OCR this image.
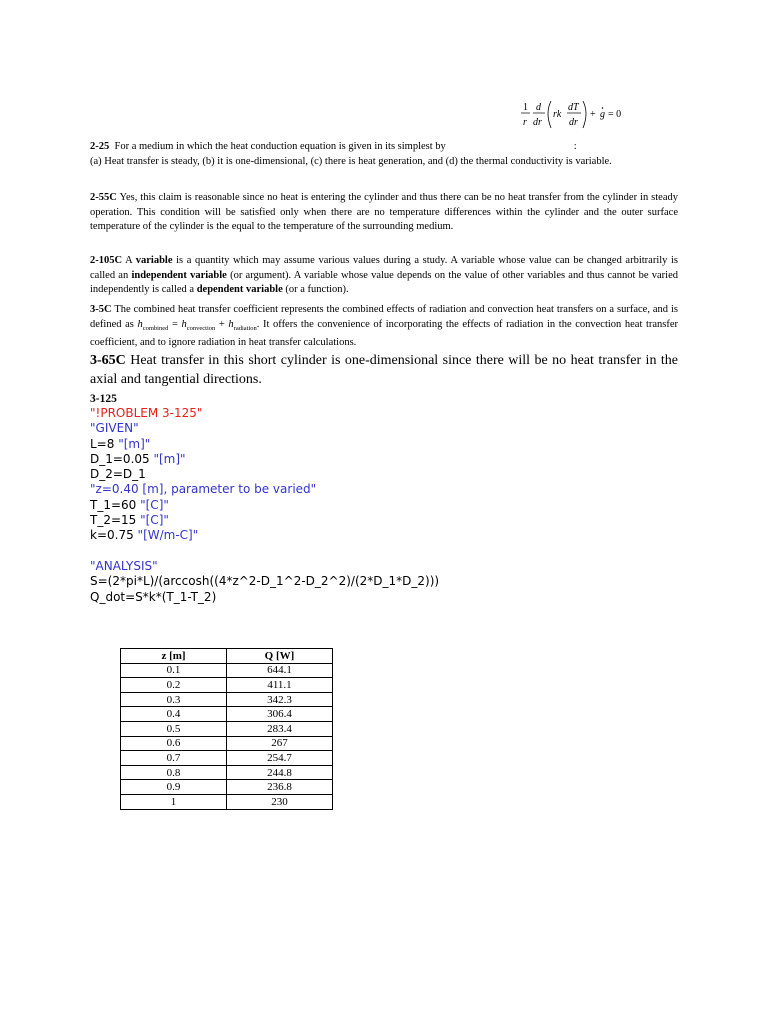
1
r
d
dr
rk
dT
dr
+ g = 0

2-25 For a medium in which the heat conduction equation is given in its simplest by	:
(a) Heat transfer is steady, (b) it is one-dimensional, (c) there is heat generation, and (d) the thermal conductivity is variable.

2-55C Yes, this claim is reasonable since no heat is entering the cylinder and thus there can be no heat transfer from the cylinder in steady operation. This condition will be satisfied only when there are no temperature differences within the cylinder and the outer surface temperature of the cylinder is the equal to the temperature of the surrounding medium.

2-105C A variable is a quantity which may assume various values during a study. A variable whose value can be changed arbitrarily is called an independent variable (or argument). A variable whose value depends on the value of other variables and thus cannot be varied independently is called a dependent variable (or a function).

3-5C The combined heat transfer coefficient represents the combined effects of radiation and convection heat transfers on a surface, and is defined as $h_{combined} = h_{convection} + h_{radiation}$. It offers the convenience of incorporating the effects of radiation in the convection heat transfer coefficient, and to ignore radiation in heat transfer calculations.

3-65C Heat transfer in this short cylinder is one-dimensional since there will be no heat transfer in the axial and tangential directions.

3-125

"!PROBLEM 3-125"
"GIVEN"
L=8 "[m]"
D_1=0.05 "[m]"
D_2=D_1
"z=0.40 [m], parameter to be varied"
T_1=60 "[C]"
T_2=15 "[C]"
k=0.75 "[W/m-C]"

"ANALYSIS"
S=(2*pi*L)/(arccosh((4*z^2-D_1^2-D_2^2)/(2*D_1*D_2)))
Q_dot=S*k*(T_1-T_2)
z [m]	Q [W]
0.1	644.1
0.2	411.1
0.3	342.3
0.4	306.4
0.5	283.4
0.6	267
0.7	254.7
0.8	244.8
0.9	236.8
1	230
